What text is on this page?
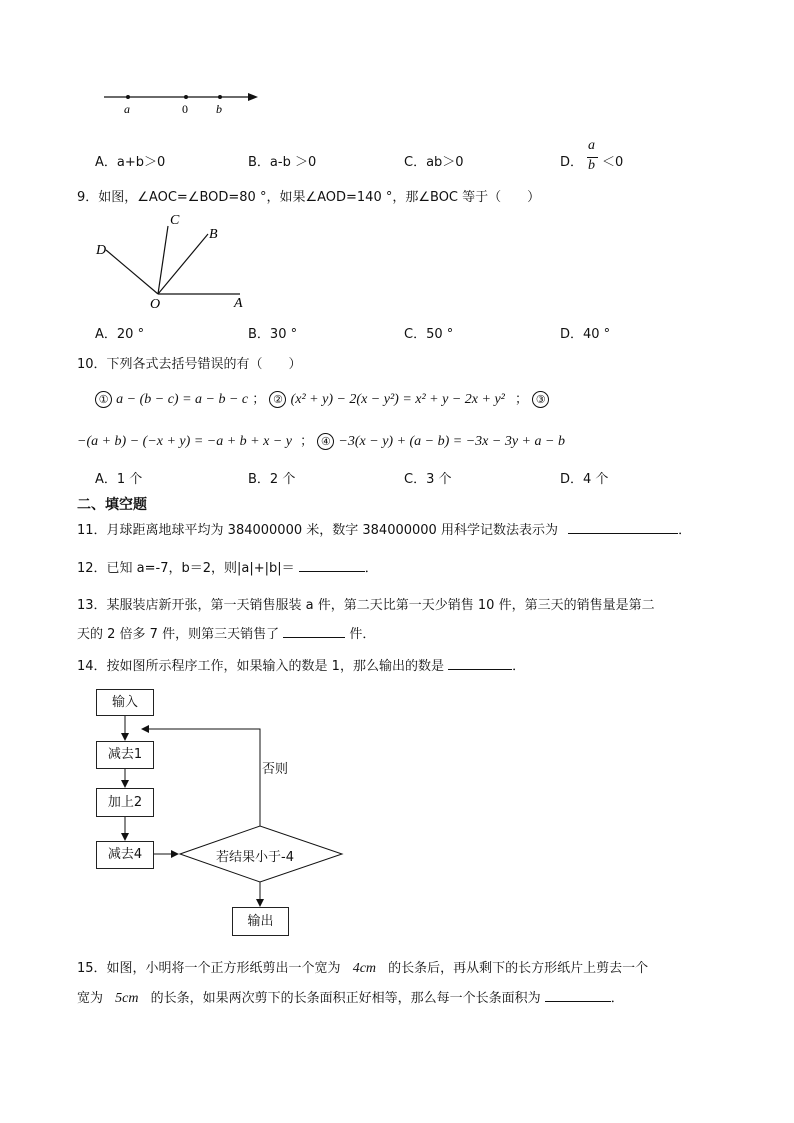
a	0 b
A．a+b＞0	B．a-b ＞0	C．ab＞0	D．
a
b ＜0
9．如图，∠AOC=∠BOD=80 °，如果∠AOD=140 °，那∠BOC 等于（　　）
C
B
D
O	A
A．20 °	B．30 °	C．50 °	D．40 °
10．下列各式去括号错误的有（　　）
① a − (b − c) = a − b − c ； ② (x² + y) − 2(x − y²) = x² + y − 2x + y² ； ③
−(a + b) − (−x + y) = −a + b + x − y ； ④ −3(x − y) + (a − b) = −3x − 3y + a − b
A．1 个	B．2 个	C．3 个	D．4 个
二、填空题
11．月球距离地球平均为 384000000 米，数字 384000000 用科学记数法表示为	．
12．已知 a=-7，b＝2，则|a|+|b|＝	．
13．某服装店新开张，第一天销售服装 a 件，第二天比第一天少销售 10 件，第三天的销售量是第二
天的 2 倍多 7 件，则第三天销售了	件．
14．按如图所示程序工作，如果输入的数是 1，那么输出的数是	．
输入
减去1
加上2
减去4	若结果小于-4
否则
输出
15．如图，小明将一个正方形纸剪出一个宽为 4cm 的长条后，再从剩下的长方形纸片上剪去一个
宽为 5cm 的长条，如果两次剪下的长条面积正好相等，那么每一个长条面积为	．
